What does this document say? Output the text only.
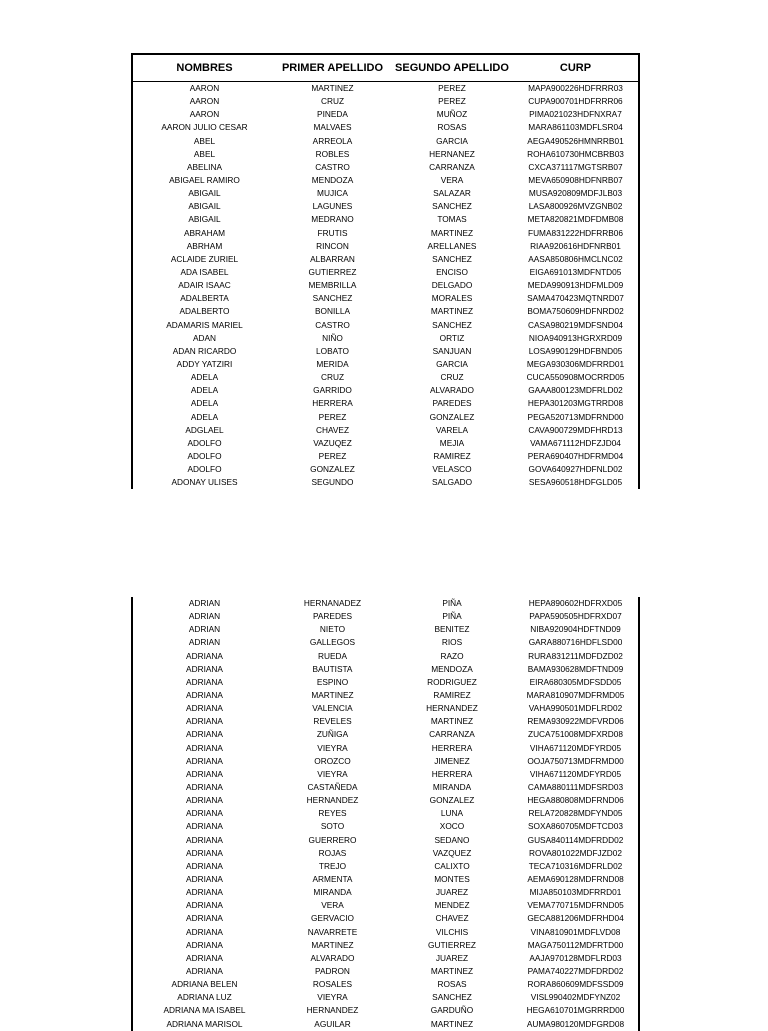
NOMBRES	PRIMER APELLIDO	SEGUNDO APELLIDO	CURP
AARON	MARTINEZ	PEREZ	MAPA900226HDFRRR03
AARON	CRUZ	PEREZ	CUPA900701HDFRRR06
AARON	PINEDA	MUÑOZ	PIMA021023HDFNXRA7
AARON JULIO CESAR	MALVAES	ROSAS	MARA861103MDFLSR04
ABEL	ARREOLA	GARCIA	AEGA490526HMNRRB01
ABEL	ROBLES	HERNANEZ	ROHA610730HMCBRB03
ABELINA	CASTRO	CARRANZA	CXCA371117MGTSRB07
ABIGAEL RAMIRO	MENDOZA	VERA	MEVA650908HDFNRB07
ABIGAIL	MUJICA	SALAZAR	MUSA920809MDFJLB03
ABIGAIL	LAGUNES	SANCHEZ	LASA800926MVZGNB02
ABIGAIL	MEDRANO	TOMAS	META820821MDFDMB08
ABRAHAM	FRUTIS	MARTINEZ	FUMA831222HDFRRB06
ABRHAM	RINCON	ARELLANES	RIAA920616HDFNRB01
ACLAIDE ZURIEL	ALBARRAN	SANCHEZ	AASA850806HMCLNC02
ADA ISABEL	GUTIERREZ	ENCISO	EIGA691013MDFNTD05
ADAIR ISAAC	MEMBRILLA	DELGADO	MEDA990913HDFMLD09
ADALBERTA	SANCHEZ	MORALES	SAMA470423MQTNRD07
ADALBERTO	BONILLA	MARTINEZ	BOMA750609HDFNRD02
ADAMARIS MARIEL	CASTRO	SANCHEZ	CASA980219MDFSND04
ADAN	NIÑO	ORTIZ	NIOA940913HGRXRD09
ADAN RICARDO	LOBATO	SANJUAN	LOSA990129HDFBND05
ADDY YATZIRI	MERIDA	GARCIA	MEGA930306MDFRRD01
ADELA	CRUZ	CRUZ	CUCA550908MOCRRD05
ADELA	GARRIDO	ALVARADO	GAAA800123MDFRLD02
ADELA	HERRERA	PAREDES	HEPA301203MGTRRD08
ADELA	PEREZ	GONZALEZ	PEGA520713MDFRND00
ADGLAEL	CHAVEZ	VARELA	CAVA900729MDFHRD13
ADOLFO	VAZUQEZ	MEJIA	VAMA671112HDFZJD04
ADOLFO	PEREZ	RAMIREZ	PERA690407HDFRMD04
ADOLFO	GONZALEZ	VELASCO	GOVA640927HDFNLD02
ADONAY ULISES	SEGUNDO	SALGADO	SESA960518HDFGLD05
ADRIAN	HERNANADEZ	PIÑA	HEPA890602HDFRXD05
ADRIAN	PAREDES	PIÑA	PAPA590505HDFRXD07
ADRIAN	NIETO	BENITEZ	NIBA920904HDFTND09
ADRIAN	GALLEGOS	RIOS	GARA880716HDFLSD00
ADRIANA	RUEDA	RAZO	RURA831211MDFDZD02
ADRIANA	BAUTISTA	MENDOZA	BAMA930628MDFTND09
ADRIANA	ESPINO	RODRIGUEZ	EIRA680305MDFSDD05
ADRIANA	MARTINEZ	RAMIREZ	MARA810907MDFRMD05
ADRIANA	VALENCIA	HERNANDEZ	VAHA990501MDFLRD02
ADRIANA	REVELES	MARTINEZ	REMA930922MDFVRD06
ADRIANA	ZUÑIGA	CARRANZA	ZUCA751008MDFXRD08
ADRIANA	VIEYRA	HERRERA	VIHA671120MDFYRD05
ADRIANA	OROZCO	JIMENEZ	OOJA750713MDFRMD00
ADRIANA	VIEYRA	HERRERA	VIHA671120MDFYRD05
ADRIANA	CASTAÑEDA	MIRANDA	CAMA880111MDFSRD03
ADRIANA	HERNANDEZ	GONZALEZ	HEGA880808MDFRND06
ADRIANA	REYES	LUNA	RELA720828MDFYND05
ADRIANA	SOTO	XOCO	SOXA860705MDFTCD03
ADRIANA	GUERRERO	SEDANO	GUSA840114MDFRDD02
ADRIANA	ROJAS	VAZQUEZ	ROVA801022MDFJZD02
ADRIANA	TREJO	CALIXTO	TECA710316MDFRLD02
ADRIANA	ARMENTA	MONTES	AEMA690128MDFRND08
ADRIANA	MIRANDA	JUAREZ	MIJA850103MDFRRD01
ADRIANA	VERA	MENDEZ	VEMA770715MDFRND05
ADRIANA	GERVACIO	CHAVEZ	GECA881206MDFRHD04
ADRIANA	NAVARRETE	VILCHIS	VINA810901MDFLVD08
ADRIANA	MARTINEZ	GUTIERREZ	MAGA750112MDFRTD00
ADRIANA	ALVARADO	JUAREZ	AAJA970128MDFLRD03
ADRIANA	PADRON	MARTINEZ	PAMA740227MDFDRD02
ADRIANA BELEN	ROSALES	ROSAS	RORA860609MDFSSD09
ADRIANA LUZ	VIEYRA	SANCHEZ	VISL990402MDFYNZ02
ADRIANA MA ISABEL	HERNANDEZ	GARDUÑO	HEGA610701MGRRRD00
ADRIANA MARISOL	AGUILAR	MARTINEZ	AUMA980120MDFGRD08
